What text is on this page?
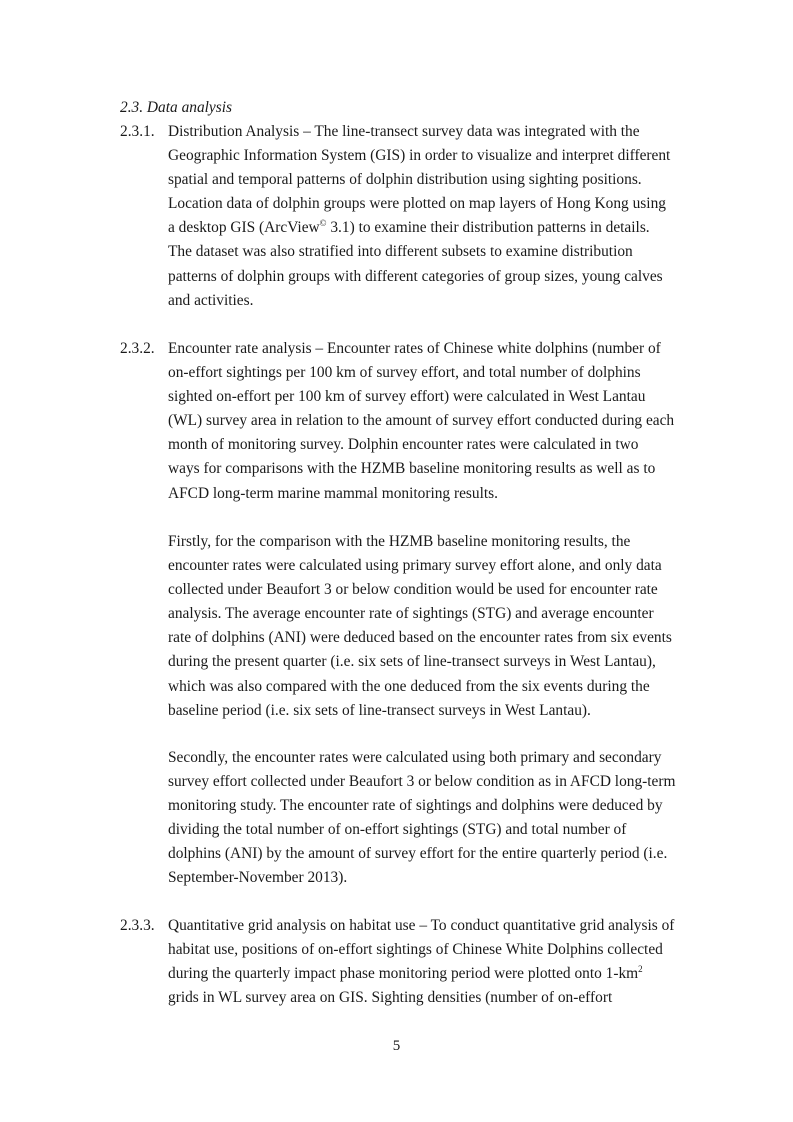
2.3. Data analysis
2.3.1. Distribution Analysis – The line-transect survey data was integrated with the
Geographic Information System (GIS) in order to visualize and interpret different
spatial and temporal patterns of dolphin distribution using sighting positions.
Location data of dolphin groups were plotted on map layers of Hong Kong using
a desktop GIS (ArcView© 3.1) to examine their distribution patterns in details.
The dataset was also stratified into different subsets to examine distribution
patterns of dolphin groups with different categories of group sizes, young calves
and activities.
2.3.2. Encounter rate analysis – Encounter rates of Chinese white dolphins (number of
on-effort sightings per 100 km of survey effort, and total number of dolphins
sighted on-effort per 100 km of survey effort) were calculated in West Lantau
(WL) survey area in relation to the amount of survey effort conducted during each
month of monitoring survey. Dolphin encounter rates were calculated in two
ways for comparisons with the HZMB baseline monitoring results as well as to
AFCD long-term marine mammal monitoring results.
Firstly, for the comparison with the HZMB baseline monitoring results, the
encounter rates were calculated using primary survey effort alone, and only data
collected under Beaufort 3 or below condition would be used for encounter rate
analysis. The average encounter rate of sightings (STG) and average encounter
rate of dolphins (ANI) were deduced based on the encounter rates from six events
during the present quarter (i.e. six sets of line-transect surveys in West Lantau),
which was also compared with the one deduced from the six events during the
baseline period (i.e. six sets of line-transect surveys in West Lantau).
Secondly, the encounter rates were calculated using both primary and secondary
survey effort collected under Beaufort 3 or below condition as in AFCD long-term
monitoring study. The encounter rate of sightings and dolphins were deduced by
dividing the total number of on-effort sightings (STG) and total number of
dolphins (ANI) by the amount of survey effort for the entire quarterly period (i.e.
September-November 2013).
2.3.3. Quantitative grid analysis on habitat use – To conduct quantitative grid analysis of
habitat use, positions of on-effort sightings of Chinese White Dolphins collected
during the quarterly impact phase monitoring period were plotted onto $1-km^2$
grids in WL survey area on GIS. Sighting densities (number of on-effort
5
